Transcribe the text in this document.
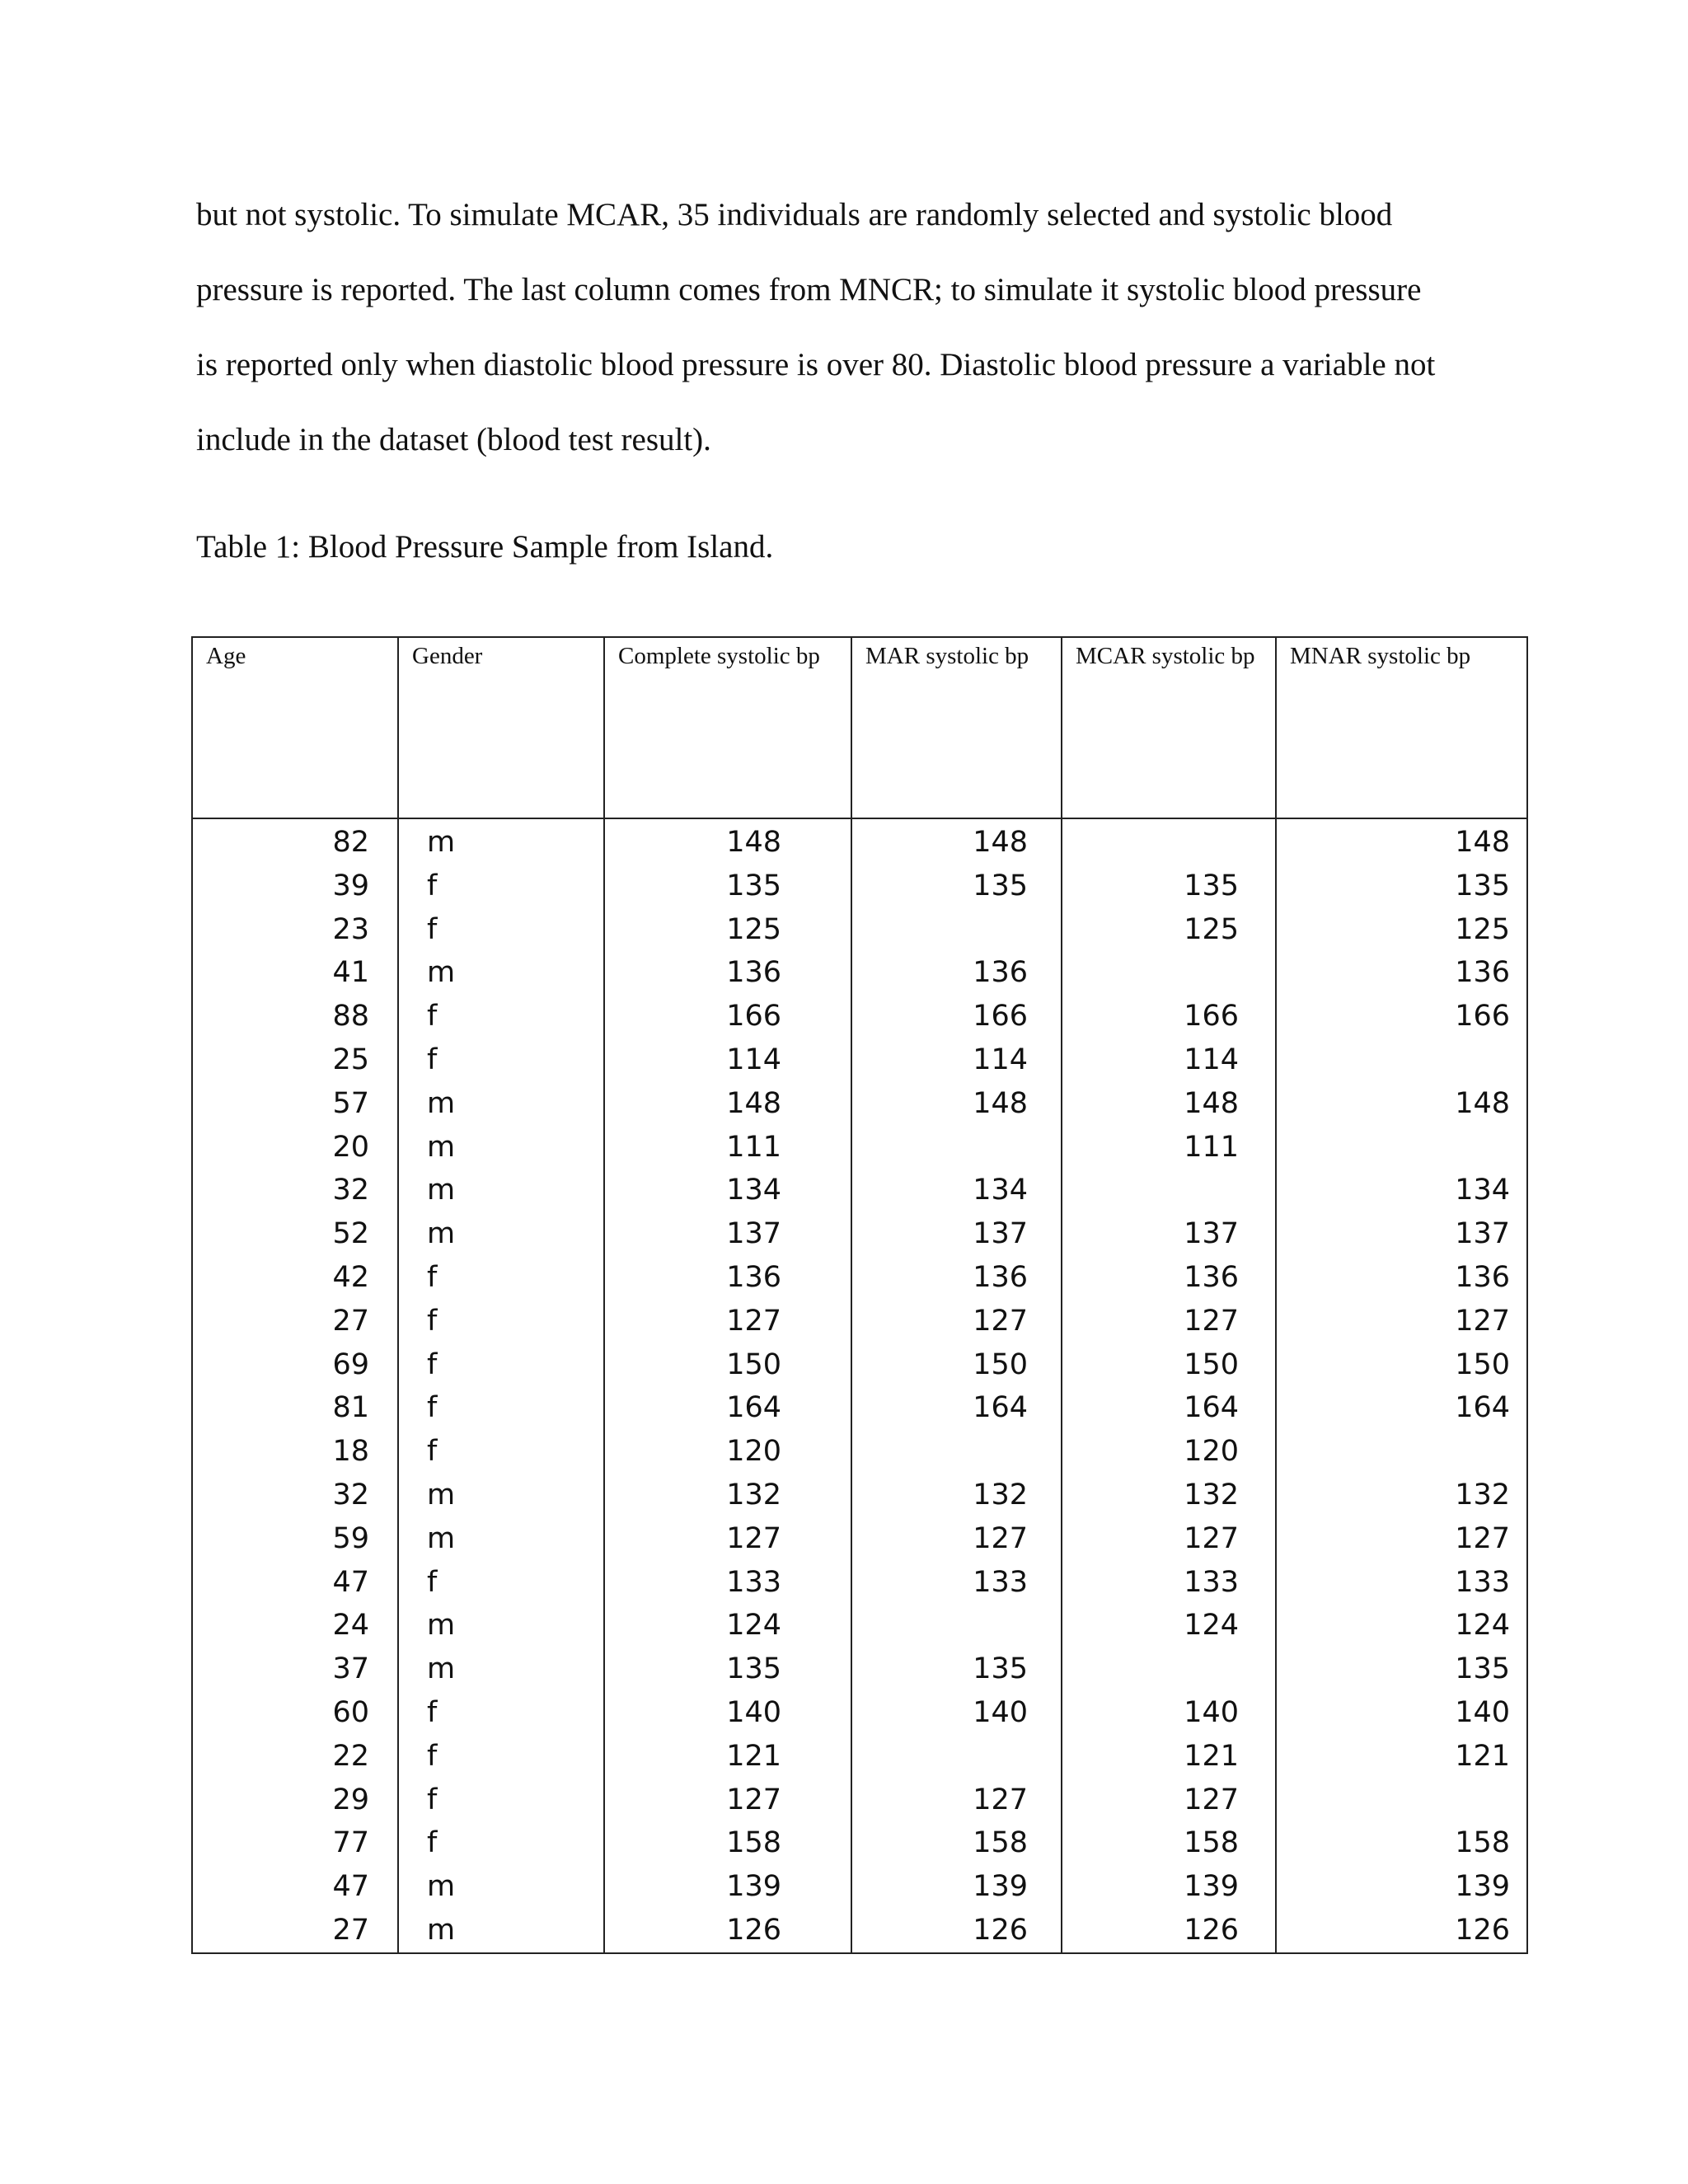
but not systolic. To simulate MCAR, 35 individuals are randomly selected and systolic blood
pressure is reported. The last column comes from MNCR; to simulate it systolic blood pressure
is reported only when diastolic blood pressure is over 80. Diastolic blood pressure a variable not
include in the dataset (blood test result).
Table 1: Blood Pressure Sample from Island.
Age	Gender	Complete systolic bp	MAR systolic bp	MCAR systolic bp	MNAR systolic bp
82	m	148	148		148
39	f	135	135	135	135
23	f	125		125	125
41	m	136	136		136
88	f	166	166	166	166
25	f	114	114	114	
57	m	148	148	148	148
20	m	111		111	
32	m	134	134		134
52	m	137	137	137	137
42	f	136	136	136	136
27	f	127	127	127	127
69	f	150	150	150	150
81	f	164	164	164	164
18	f	120		120	
32	m	132	132	132	132
59	m	127	127	127	127
47	f	133	133	133	133
24	m	124		124	124
37	m	135	135		135
60	f	140	140	140	140
22	f	121		121	121
29	f	127	127	127	
77	f	158	158	158	158
47	m	139	139	139	139
27	m	126	126	126	126
